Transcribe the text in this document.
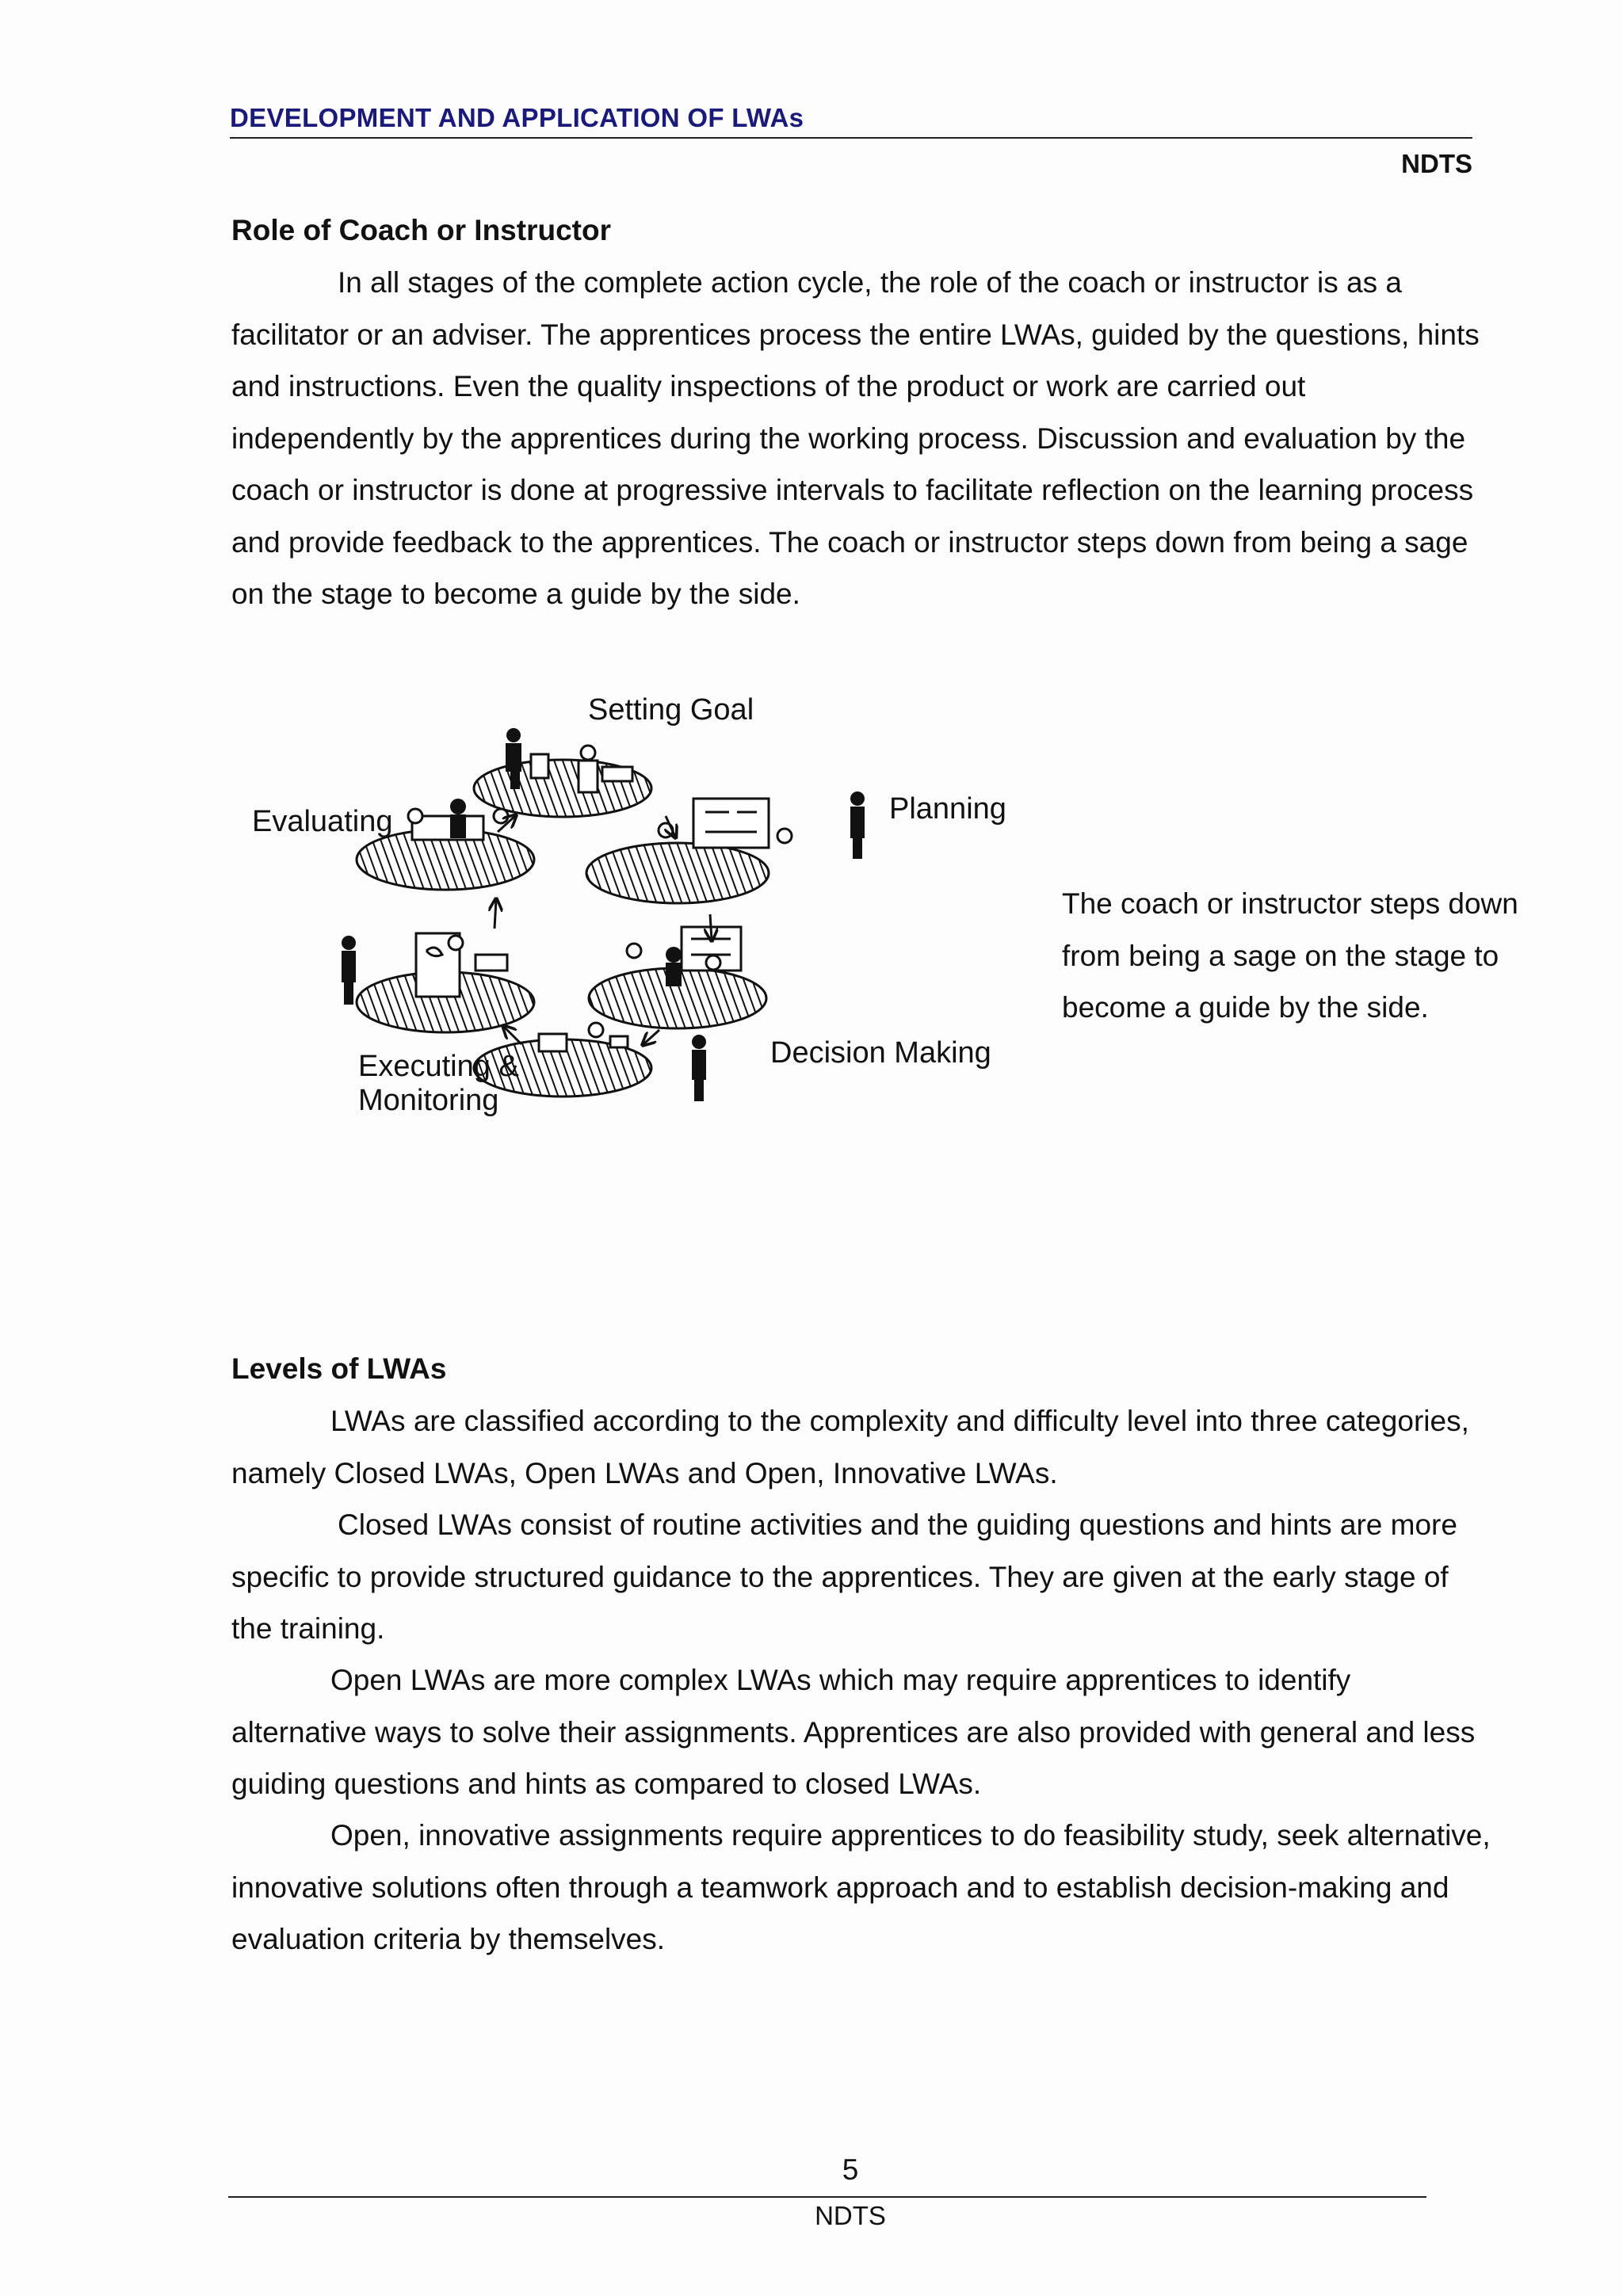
DEVELOPMENT AND APPLICATION OF LWAs
NDTS
Role of Coach or Instructor

In all stages of the complete action cycle, the role of the coach or instructor is as a facilitator or an adviser. The apprentices process the entire LWAs, guided by the questions, hints and instructions. Even the quality inspections of the product or work are carried out independently by the apprentices during the working process. Discussion and evaluation by the coach or instructor is done at progressive intervals to facilitate reflection on the learning process and provide feedback to the apprentices. The coach or instructor steps down from being a sage on the stage to become a guide by the side.

Setting Goal
Planning
Evaluating
Decision Making
Executing &
Monitoring
The coach or instructor steps down from being a sage on the stage to become a guide by the side.
Levels of LWAs

LWAs are classified according to the complexity and difficulty level into three categories, namely Closed LWAs, Open LWAs and Open, Innovative LWAs.

Closed LWAs consist of routine activities and the guiding questions and hints are more specific to provide structured guidance to the apprentices. They are given at the early stage of the training.

Open LWAs are more complex LWAs which may require apprentices to identify alternative ways to solve their assignments. Apprentices are also provided with general and less guiding questions and hints as compared to closed LWAs.

Open, innovative assignments require apprentices to do feasibility study, seek alternative, innovative solutions often through a teamwork approach and to establish decision-making and evaluation criteria by themselves.

5
NDTS
